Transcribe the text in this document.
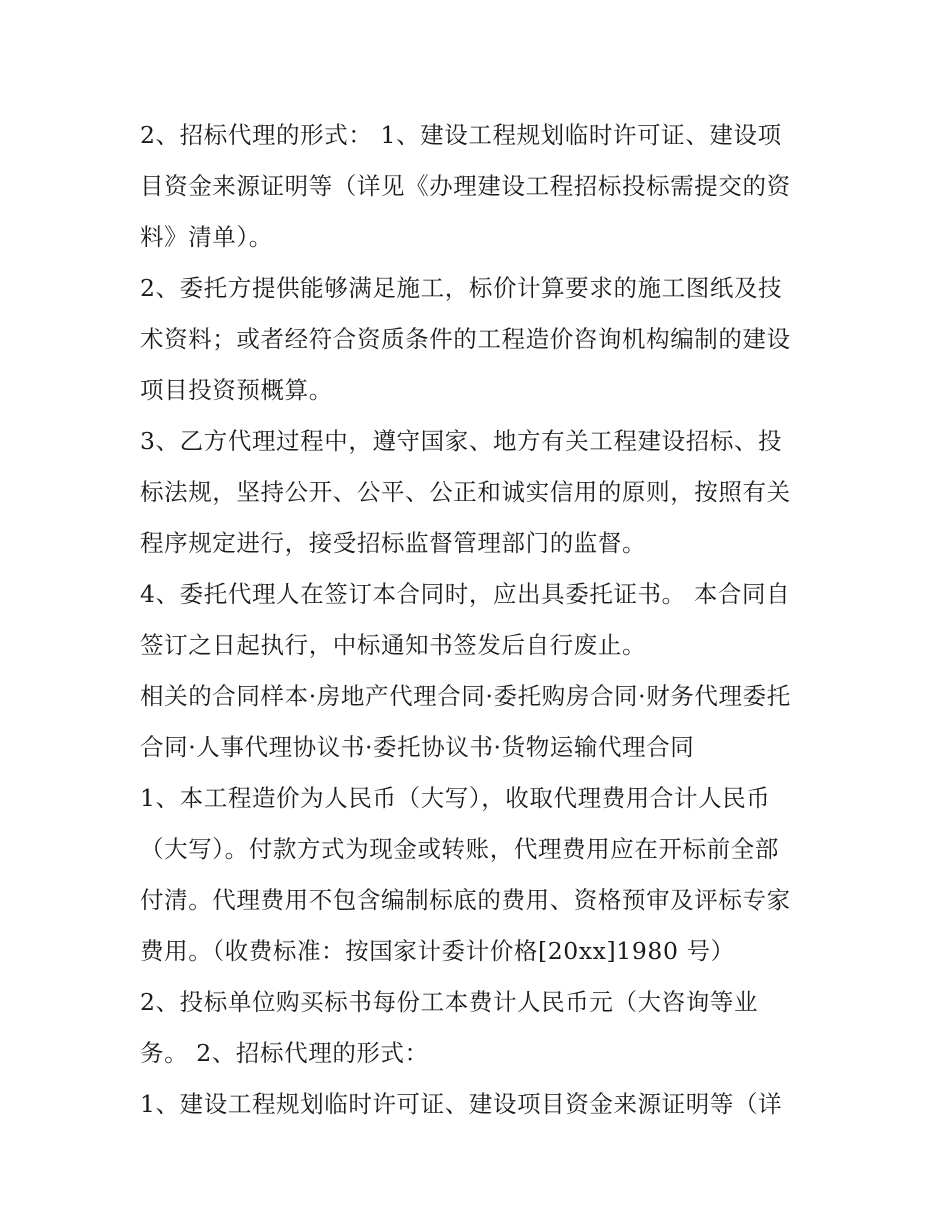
2、招标代理的形式： 1、建设工程规划临时许可证、建设项
目资金来源证明等（详见《办理建设工程招标投标需提交的资
料》清单）。
2、委托方提供能够满足施工，标价计算要求的施工图纸及技
术资料；或者经符合资质条件的工程造价咨询机构编制的建设
项目投资预概算。
3、乙方代理过程中，遵守国家、地方有关工程建设招标、投
标法规，坚持公开、公平、公正和诚实信用的原则，按照有关
程序规定进行，接受招标监督管理部门的监督。
4、委托代理人在签订本合同时，应出具委托证书。 本合同自
签订之日起执行，中标通知书签发后自行废止。
相关的合同样本·房地产代理合同·委托购房合同·财务代理委托
合同·人事代理协议书·委托协议书·货物运输代理合同
1、本工程造价为人民币（大写），收取代理费用合计人民币
（大写）。付款方式为现金或转账，代理费用应在开标前全部
付清。代理费用不包含编制标底的费用、资格预审及评标专家
费用。（收费标准：按国家计委计价格[20xx]1980 号）
2、投标单位购买标书每份工本费计人民币元（大咨询等业
务。 2、招标代理的形式：
1、建设工程规划临时许可证、建设项目资金来源证明等（详
